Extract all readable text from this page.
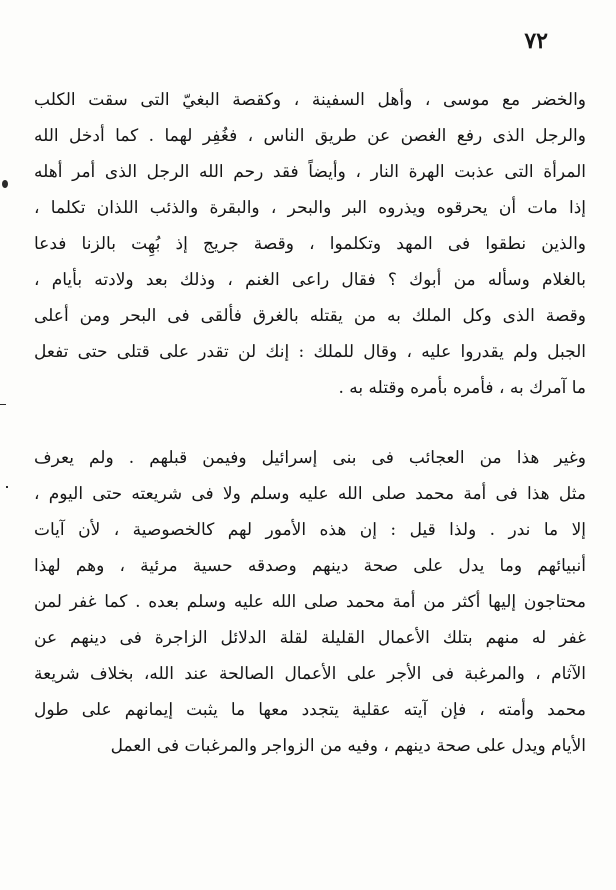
٧٢
والخضر مع موسى ، وأهل السفينة ، وكقصة البغيّ التى سقت الكلب
والرجل الذى رفع الغصن عن طريق الناس ، فغُفِر لهما . كما أدخل الله
المرأة التى عذبت الهرة النار ، وأيضاً فقد رحم الله الرجل الذى أمر أهله
إذا مات أن يحرقوه ويذروه البر والبحر ، والبقرة والذئب اللذان تكلما ،
والذين نطقوا فى المهد وتكلموا ، وقصة جريج إذ بُهِت بالزنا فدعا
بالغلام وسأله من أبوك ؟ فقال راعى الغنم ، وذلك بعد ولادته بأيام ،
وقصة الذى وكل الملك به من يقتله بالغرق فألقى فى البحر ومن أعلى
الجبل ولم يقدروا عليه ، وقال للملك : إنك لن تقدر على قتلى حتى تفعل
ما آمرك به ، فأمره بأمره وقتله به .
وغير هذا من العجائب فى بنى إسرائيل وفيمن قبلهم . ولم يعرف
مثل هذا فى أمة محمد صلى الله عليه وسلم ولا فى شريعته حتى اليوم ،
إلا ما ندر . ولذا قيل : إن هذه الأمور لهم كالخصوصية ، لأن آيات
أنبيائهم وما يدل على صحة دينهم وصدقه حسية مرئية ، وهم لهذا
محتاجون إليها أكثر من أمة محمد صلى الله عليه وسلم بعده . كما غفر لمن
غفر له منهم بتلك الأعمال القليلة لقلة الدلائل الزاجرة فى دينهم عن
الآثام ، والمرغبة فى الأجر على الأعمال الصالحة عند الله، بخلاف شريعة
محمد وأمته ، فإن آيته عقلية يتجدد معها ما يثبت إيمانهم على طول
الأيام ويدل على صحة دينهم ، وفيه من الزواجر والمرغبات فى العمل
